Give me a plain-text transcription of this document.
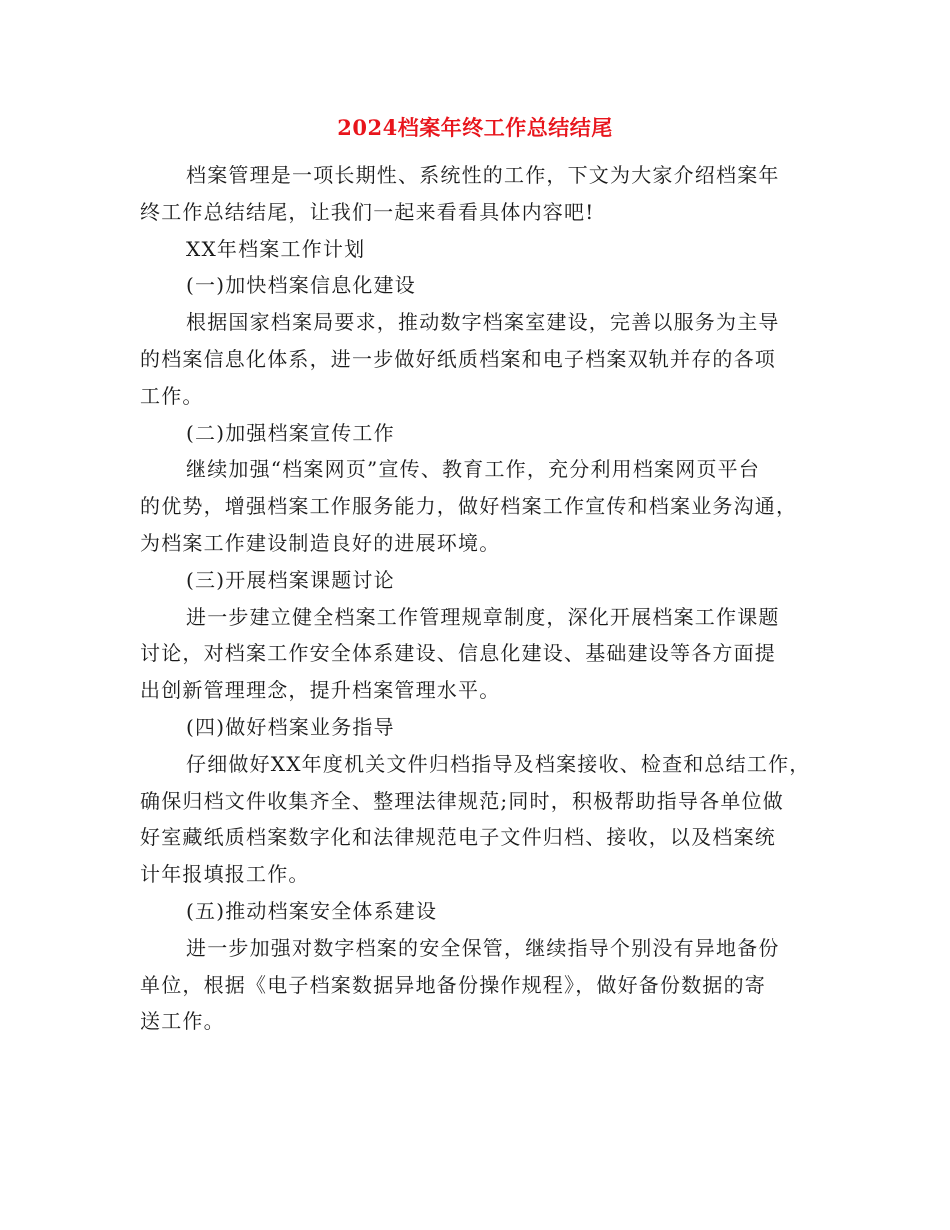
2024档案年终工作总结结尾
档案管理是一项长期性、系统性的工作，下文为大家介绍档案年
终工作总结结尾，让我们一起来看看具体内容吧!
XX年档案工作计划
(一)加快档案信息化建设
根据国家档案局要求，推动数字档案室建设，完善以服务为主导
的档案信息化体系，进一步做好纸质档案和电子档案双轨并存的各项
工作。
(二)加强档案宣传工作
继续加强“档案网页”宣传、教育工作，充分利用档案网页平台
的优势，增强档案工作服务能力，做好档案工作宣传和档案业务沟通，
为档案工作建设制造良好的进展环境。
(三)开展档案课题讨论
进一步建立健全档案工作管理规章制度，深化开展档案工作课题
讨论，对档案工作安全体系建设、信息化建设、基础建设等各方面提
出创新管理理念，提升档案管理水平。
(四)做好档案业务指导
仔细做好XX年度机关文件归档指导及档案接收、检查和总结工作，
确保归档文件收集齐全、整理法律规范;同时，积极帮助指导各单位做
好室藏纸质档案数字化和法律规范电子文件归档、接收，以及档案统
计年报填报工作。
(五)推动档案安全体系建设
进一步加强对数字档案的安全保管，继续指导个别没有异地备份
单位，根据《电子档案数据异地备份操作规程》，做好备份数据的寄
送工作。
